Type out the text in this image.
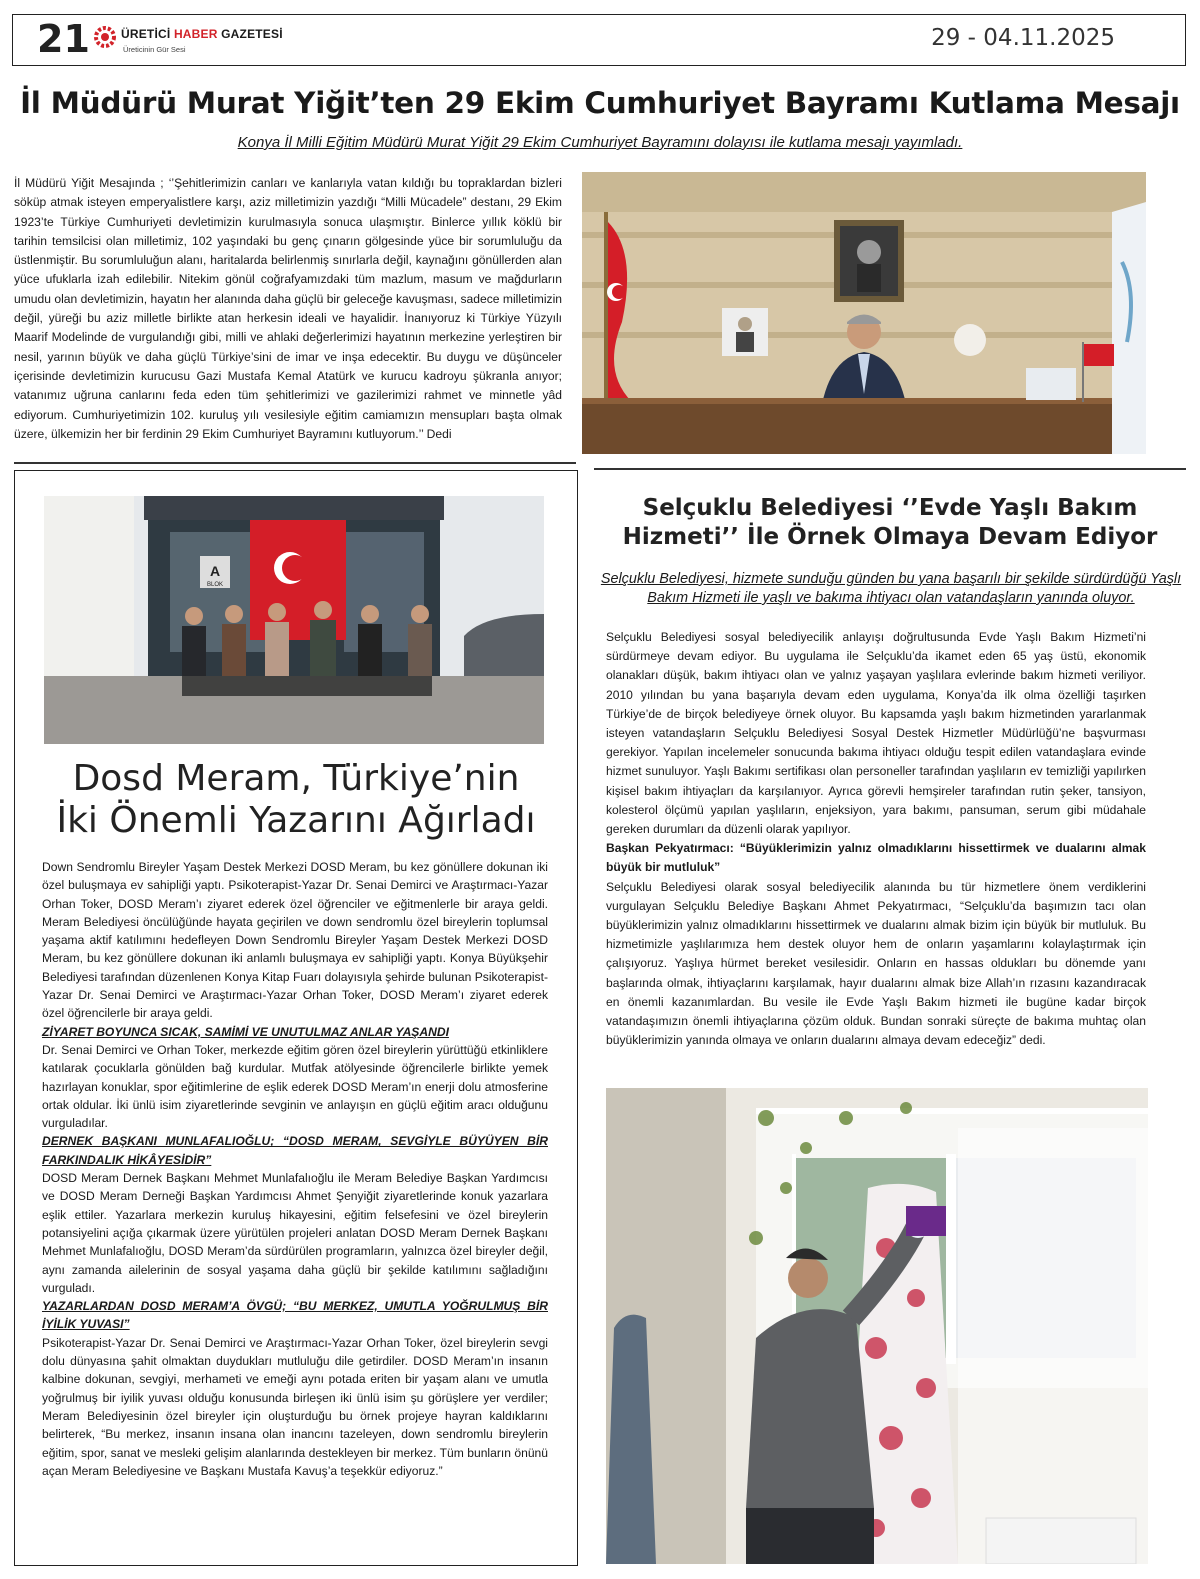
21	ÜRETİCİ HABER GAZETESİ
Üreticinin Gür Sesi	29 - 04.11.2025
İl Müdürü Murat Yiğit’ten 29 Ekim Cumhuriyet Bayramı Kutlama Mesajı
Konya İl Milli Eğitim Müdürü Murat Yiğit 29 Ekim Cumhuriyet Bayramını dolayısı ile kutlama mesajı yayımladı.
İl Müdürü Yiğit Mesajında ; ‘’Şehitlerimizin canları ve kanlarıyla vatan kıldığı bu topraklardan bizleri söküp atmak isteyen emperyalistlere karşı, aziz milletimizin yazdığı “Milli Mücadele” destanı, 29 Ekim 1923’te Türkiye Cumhuriyeti devletimizin kurulmasıyla sonuca ulaşmıştır. Binlerce yıllık köklü bir tarihin temsilcisi olan milletimiz, 102 yaşındaki bu genç çınarın gölgesinde yüce bir sorumluluğu da üstlenmiştir. Bu sorumluluğun alanı, haritalarda belirlenmiş sınırlarla değil, kaynağını gönüllerden alan yüce ufuklarla izah edilebilir. Nitekim gönül coğrafyamızdaki tüm mazlum, masum ve mağdurların umudu olan devletimizin, hayatın her alanında daha güçlü bir geleceğe kavuşması, sadece milletimizin değil, yüreği bu aziz milletle birlikte atan herkesin ideali ve hayalidir. İnanıyoruz ki Türkiye Yüzyılı Maarif Modelinde de vurgulandığı gibi, milli ve ahlaki değerlerimizi hayatının merkezine yerleştiren bir nesil, yarının büyük ve daha güçlü Türkiye’sini de imar ve inşa edecektir. Bu duygu ve düşünceler içerisinde devletimizin kurucusu Gazi Mustafa Kemal Atatürk ve kurucu kadroyu şükranla anıyor; vatanımız uğruna canlarını feda eden tüm şehitlerimizi ve gazilerimizi rahmet ve minnetle yâd ediyorum. Cumhuriyetimizin 102. kuruluş yılı vesilesiyle eğitim camiamızın mensupları başta olmak üzere, ülkemizin her bir ferdinin 29 Ekim Cumhuriyet Bayramını kutluyorum.’’ Dedi
A
BLOK
Dosd Meram, Türkiye’nin
İki Önemli Yazarını Ağırladı

Down Sendromlu Bireyler Yaşam Destek Merkezi DOSD Meram, bu kez gönüllere dokunan iki özel buluşmaya ev sahipliği yaptı. Psikoterapist-Yazar Dr. Senai Demirci ve Araştırmacı-Yazar Orhan Toker, DOSD Meram’ı ziyaret ederek özel öğrenciler ve eğitmenlerle bir araya geldi. Meram Belediyesi öncülüğünde hayata geçirilen ve down sendromlu özel bireylerin toplumsal yaşama aktif katılımını hedefleyen Down Sendromlu Bireyler Yaşam Destek Merkezi DOSD Meram, bu kez gönüllere dokunan iki anlamlı buluşmaya ev sahipliği yaptı. Konya Büyükşehir Belediyesi tarafından düzenlenen Konya Kitap Fuarı dolayısıyla şehirde bulunan Psikoterapist-Yazar Dr. Senai Demirci ve Araştırmacı-Yazar Orhan Toker, DOSD Meram’ı ziyaret ederek özel öğrencilerle bir araya geldi.

ZİYARET BOYUNCA SICAK, SAMİMİ VE UNUTULMAZ ANLAR YAŞANDI

Dr. Senai Demirci ve Orhan Toker, merkezde eğitim gören özel bireylerin yürüttüğü etkinliklere katılarak çocuklarla gönülden bağ kurdular. Mutfak atölyesinde öğrencilerle birlikte yemek hazırlayan konuklar, spor eğitimlerine de eşlik ederek DOSD Meram’ın enerji dolu atmosferine ortak oldular. İki ünlü isim ziyaretlerinde sevginin ve anlayışın en güçlü eğitim aracı olduğunu vurguladılar.

DERNEK BAŞKANI MUNLAFALIOĞLU; “DOSD MERAM, SEVGİYLE BÜYÜYEN BİR FARKINDALIK HİKÂYESİDİR”

DOSD Meram Dernek Başkanı Mehmet Munlafalıoğlu ile Meram Belediye Başkan Yardımcısı ve DOSD Meram Derneği Başkan Yardımcısı Ahmet Şenyiğit ziyaretlerinde konuk yazarlara eşlik ettiler. Yazarlara merkezin kuruluş hikayesini, eğitim felsefesini ve özel bireylerin potansiyelini açığa çıkarmak üzere yürütülen projeleri anlatan DOSD Meram Dernek Başkanı Mehmet Munlafalıoğlu, DOSD Meram’da sürdürülen programların, yalnızca özel bireyler değil, aynı zamanda ailelerinin de sosyal yaşama daha güçlü bir şekilde katılımını sağladığını vurguladı.

YAZARLARDAN DOSD MERAM’A ÖVGÜ; “BU MERKEZ, UMUTLA YOĞRULMUŞ BİR İYİLİK YUVASI”

Psikoterapist-Yazar Dr. Senai Demirci ve Araştırmacı-Yazar Orhan Toker, özel bireylerin sevgi dolu dünyasına şahit olmaktan duydukları mutluluğu dile getirdiler. DOSD Meram’ın insanın kalbine dokunan, sevgiyi, merhameti ve emeği aynı potada eriten bir yaşam alanı ve umutla yoğrulmuş bir iyilik yuvası olduğu konusunda birleşen iki ünlü isim şu görüşlere yer verdiler; Meram Belediyesinin özel bireyler için oluşturduğu bu örnek projeye hayran kaldıklarını belirterek, “Bu merkez, insanın insana olan inancını tazeleyen, down sendromlu bireylerin eğitim, spor, sanat ve mesleki gelişim alanlarında destekleyen bir merkez. Tüm bunların önünü açan Meram Belediyesine ve Başkanı Mustafa Kavuş’a teşekkür ediyoruz.”

Selçuklu Belediyesi ‘’Evde Yaşlı Bakım
Hizmeti’’ İle Örnek Olmaya Devam Ediyor
Selçuklu Belediyesi, hizmete sunduğu günden bu yana başarılı bir şekilde sürdürdüğü Yaşlı Bakım Hizmeti ile yaşlı ve bakıma ihtiyacı olan vatandaşların yanında oluyor.

Selçuklu Belediyesi sosyal belediyecilik anlayışı doğrultusunda Evde Yaşlı Bakım Hizmeti’ni sürdürmeye devam ediyor. Bu uygulama ile Selçuklu’da ikamet eden 65 yaş üstü, ekonomik olanakları düşük, bakım ihtiyacı olan ve yalnız yaşayan yaşlılara evlerinde bakım hizmeti veriliyor. 2010 yılından bu yana başarıyla devam eden uygulama, Konya’da ilk olma özelliği taşırken Türkiye’de de birçok belediyeye örnek oluyor. Bu kapsamda yaşlı bakım hizmetinden yararlanmak isteyen vatandaşların Selçuklu Belediyesi Sosyal Destek Hizmetler Müdürlüğü’ne başvurması gerekiyor. Yapılan incelemeler sonucunda bakıma ihtiyacı olduğu tespit edilen vatandaşlara evinde hizmet sunuluyor. Yaşlı Bakımı sertifikası olan personeller tarafından yaşlıların ev temizliği yapılırken kişisel bakım ihtiyaçları da karşılanıyor. Ayrıca görevli hemşireler tarafından rutin şeker, tansiyon, kolesterol ölçümü yapılan yaşlıların, enjeksiyon, yara bakımı, pansuman, serum gibi müdahale gereken durumları da düzenli olarak yapılıyor.

Başkan Pekyatırmacı: “Büyüklerimizin yalnız olmadıklarını hissettirmek ve dualarını almak büyük bir mutluluk”

Selçuklu Belediyesi olarak sosyal belediyecilik alanında bu tür hizmetlere önem verdiklerini vurgulayan Selçuklu Belediye Başkanı Ahmet Pekyatırmacı, “Selçuklu’da başımızın tacı olan büyüklerimizin yalnız olmadıklarını hissettirmek ve dualarını almak bizim için büyük bir mutluluk. Bu hizmetimizle yaşlılarımıza hem destek oluyor hem de onların yaşamlarını kolaylaştırmak için çalışıyoruz. Yaşlıya hürmet bereket vesilesidir. Onların en hassas oldukları bu dönemde yanı başlarında olmak, ihtiyaçlarını karşılamak, hayır dualarını almak bize Allah’ın rızasını kazandıracak en önemli kazanımlardan. Bu vesile ile Evde Yaşlı Bakım hizmeti ile bugüne kadar birçok vatandaşımızın önemli ihtiyaçlarına çözüm olduk. Bundan sonraki süreçte de bakıma muhtaç olan büyüklerimizin yanında olmaya ve onların dualarını almaya devam edeceğiz” dedi.
